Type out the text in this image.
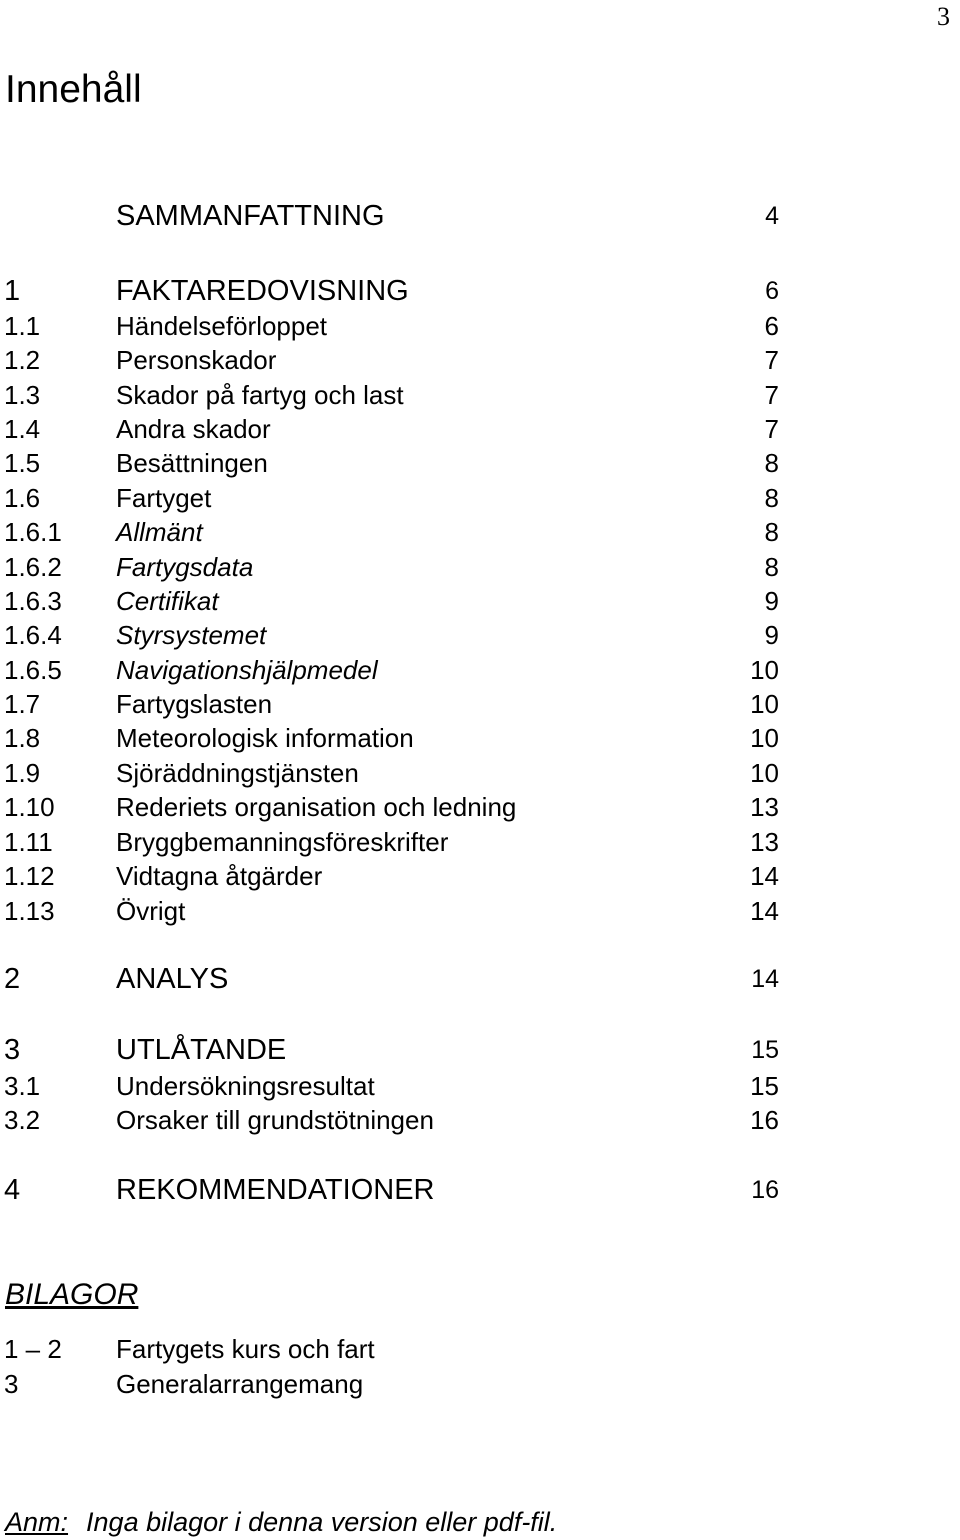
3
Innehåll
SAMMANFATTNING	4
1	FAKTAREDOVISNING	6
1.1	Händelseförloppet	6
1.2	Personskador	7
1.3	Skador på fartyg och last	7
1.4	Andra skador	7
1.5	Besättningen	8
1.6	Fartyget	8
1.6.1 Allmänt	8
1.6.2 Fartygsdata	8
1.6.3 Certifikat	9
1.6.4 Styrsystemet	9
1.6.5 Navigationshjälpmedel	10
1.7	Fartygslasten	10
1.8	Meteorologisk information	10
1.9	Sjöräddningstjänsten	10
1.10 Rederiets organisation och ledning	13
1.11 Bryggbemanningsföreskrifter	13
1.12 Vidtagna åtgärder	14
1.13 Övrigt	14
2	ANALYS	14
3	UTLÅTANDE	15
3.1	Undersökningsresultat	15
3.2	Orsaker till grundstötningen	16
4	REKOMMENDATIONER	16
BILAGOR
1 – 2 Fartygets kurs och fart
3	Generalarrangemang
Anm: Inga bilagor i denna version eller pdf-fil.
